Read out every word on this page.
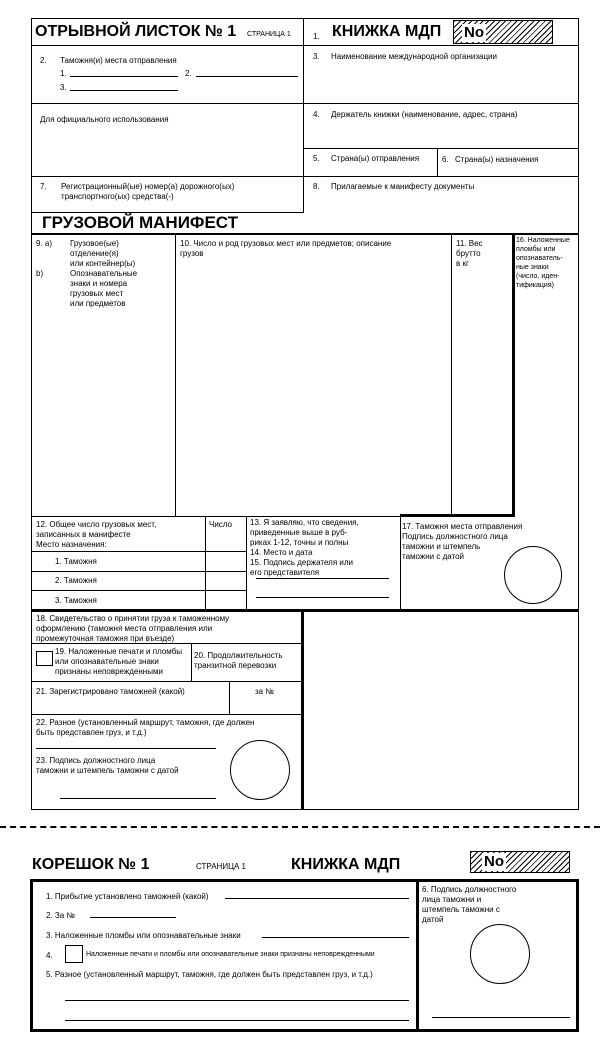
ОТРЫВНОЙ ЛИСТОК № 1 СТРАНИЦА 1	1. КНИЖКА МДП No
2. Таможня(и) места отправления
1.	2.
3.
3. Наименование международной организации
Для официального использования
4. Держатель книжки (наименование, адрес, страна)
5. Страна(ы) отправления	6. Страна(ы) назначения
7. Регистрационный(ые) номер(а) дорожного(ых)
транспортного(ых) средства(-)
8. Прилагаемые к манифесту документы
ГРУЗОВОЙ МАНИФЕСТ
9. a)

b)
Грузовое(ые)
отделение(я)
или контейнер(ы)
Опознавательные
знаки и номера
грузовых мест
или предметов
10. Число и род грузовых мест или предметов; описание
грузов
11. Вес
брутто
в кг
16. Наложенные
пломбы или
опознаватель-
ные знаки
(число, иден-
тификация)
12. Общее число грузовых мест,
записанных в манифесте
Место назначения:
Число
1. Таможня
2. Таможня
3. Таможня
13. Я заявляю, что сведения,
приведенные выше в руб-
риках 1-12, точны и полны
14. Место и дата
15. Подпись держателя или
его представителя
17. Таможня места отправления
Подпись должностного лица
таможни и штемпель
таможни с датой
18. Свидетельство о принятии груза к таможенному
оформлению (таможня места отправления или
промежуточная таможня при въезде)
19. Наложенные печати и пломбы
или опознавательные знаки
признаны неповрежденными
20. Продолжительность
транзитной перевозки
21. Зарегистрировано таможней (какой)	за №
22. Разное (установленный маршрут, таможня, где должен
быть представлен груз, и т.д.)
23. Подпись должностного лица
таможни и штемпель таможни с датой
КОРЕШОК № 1	СТРАНИЦА 1	КНИЖКА МДП	No
1. Прибытие установлено таможней (какой)
2. За №
3. Наложенные пломбы или опознавательные знаки
4.	Наложенные печати и пломбы или опознавательные знаки признаны неповрежденными
5. Разное (установленный маршрут, таможня, где должен быть представлен груз, и т.д.)
6. Подпись должностного
лица таможни и
штемпель таможни с
датой
